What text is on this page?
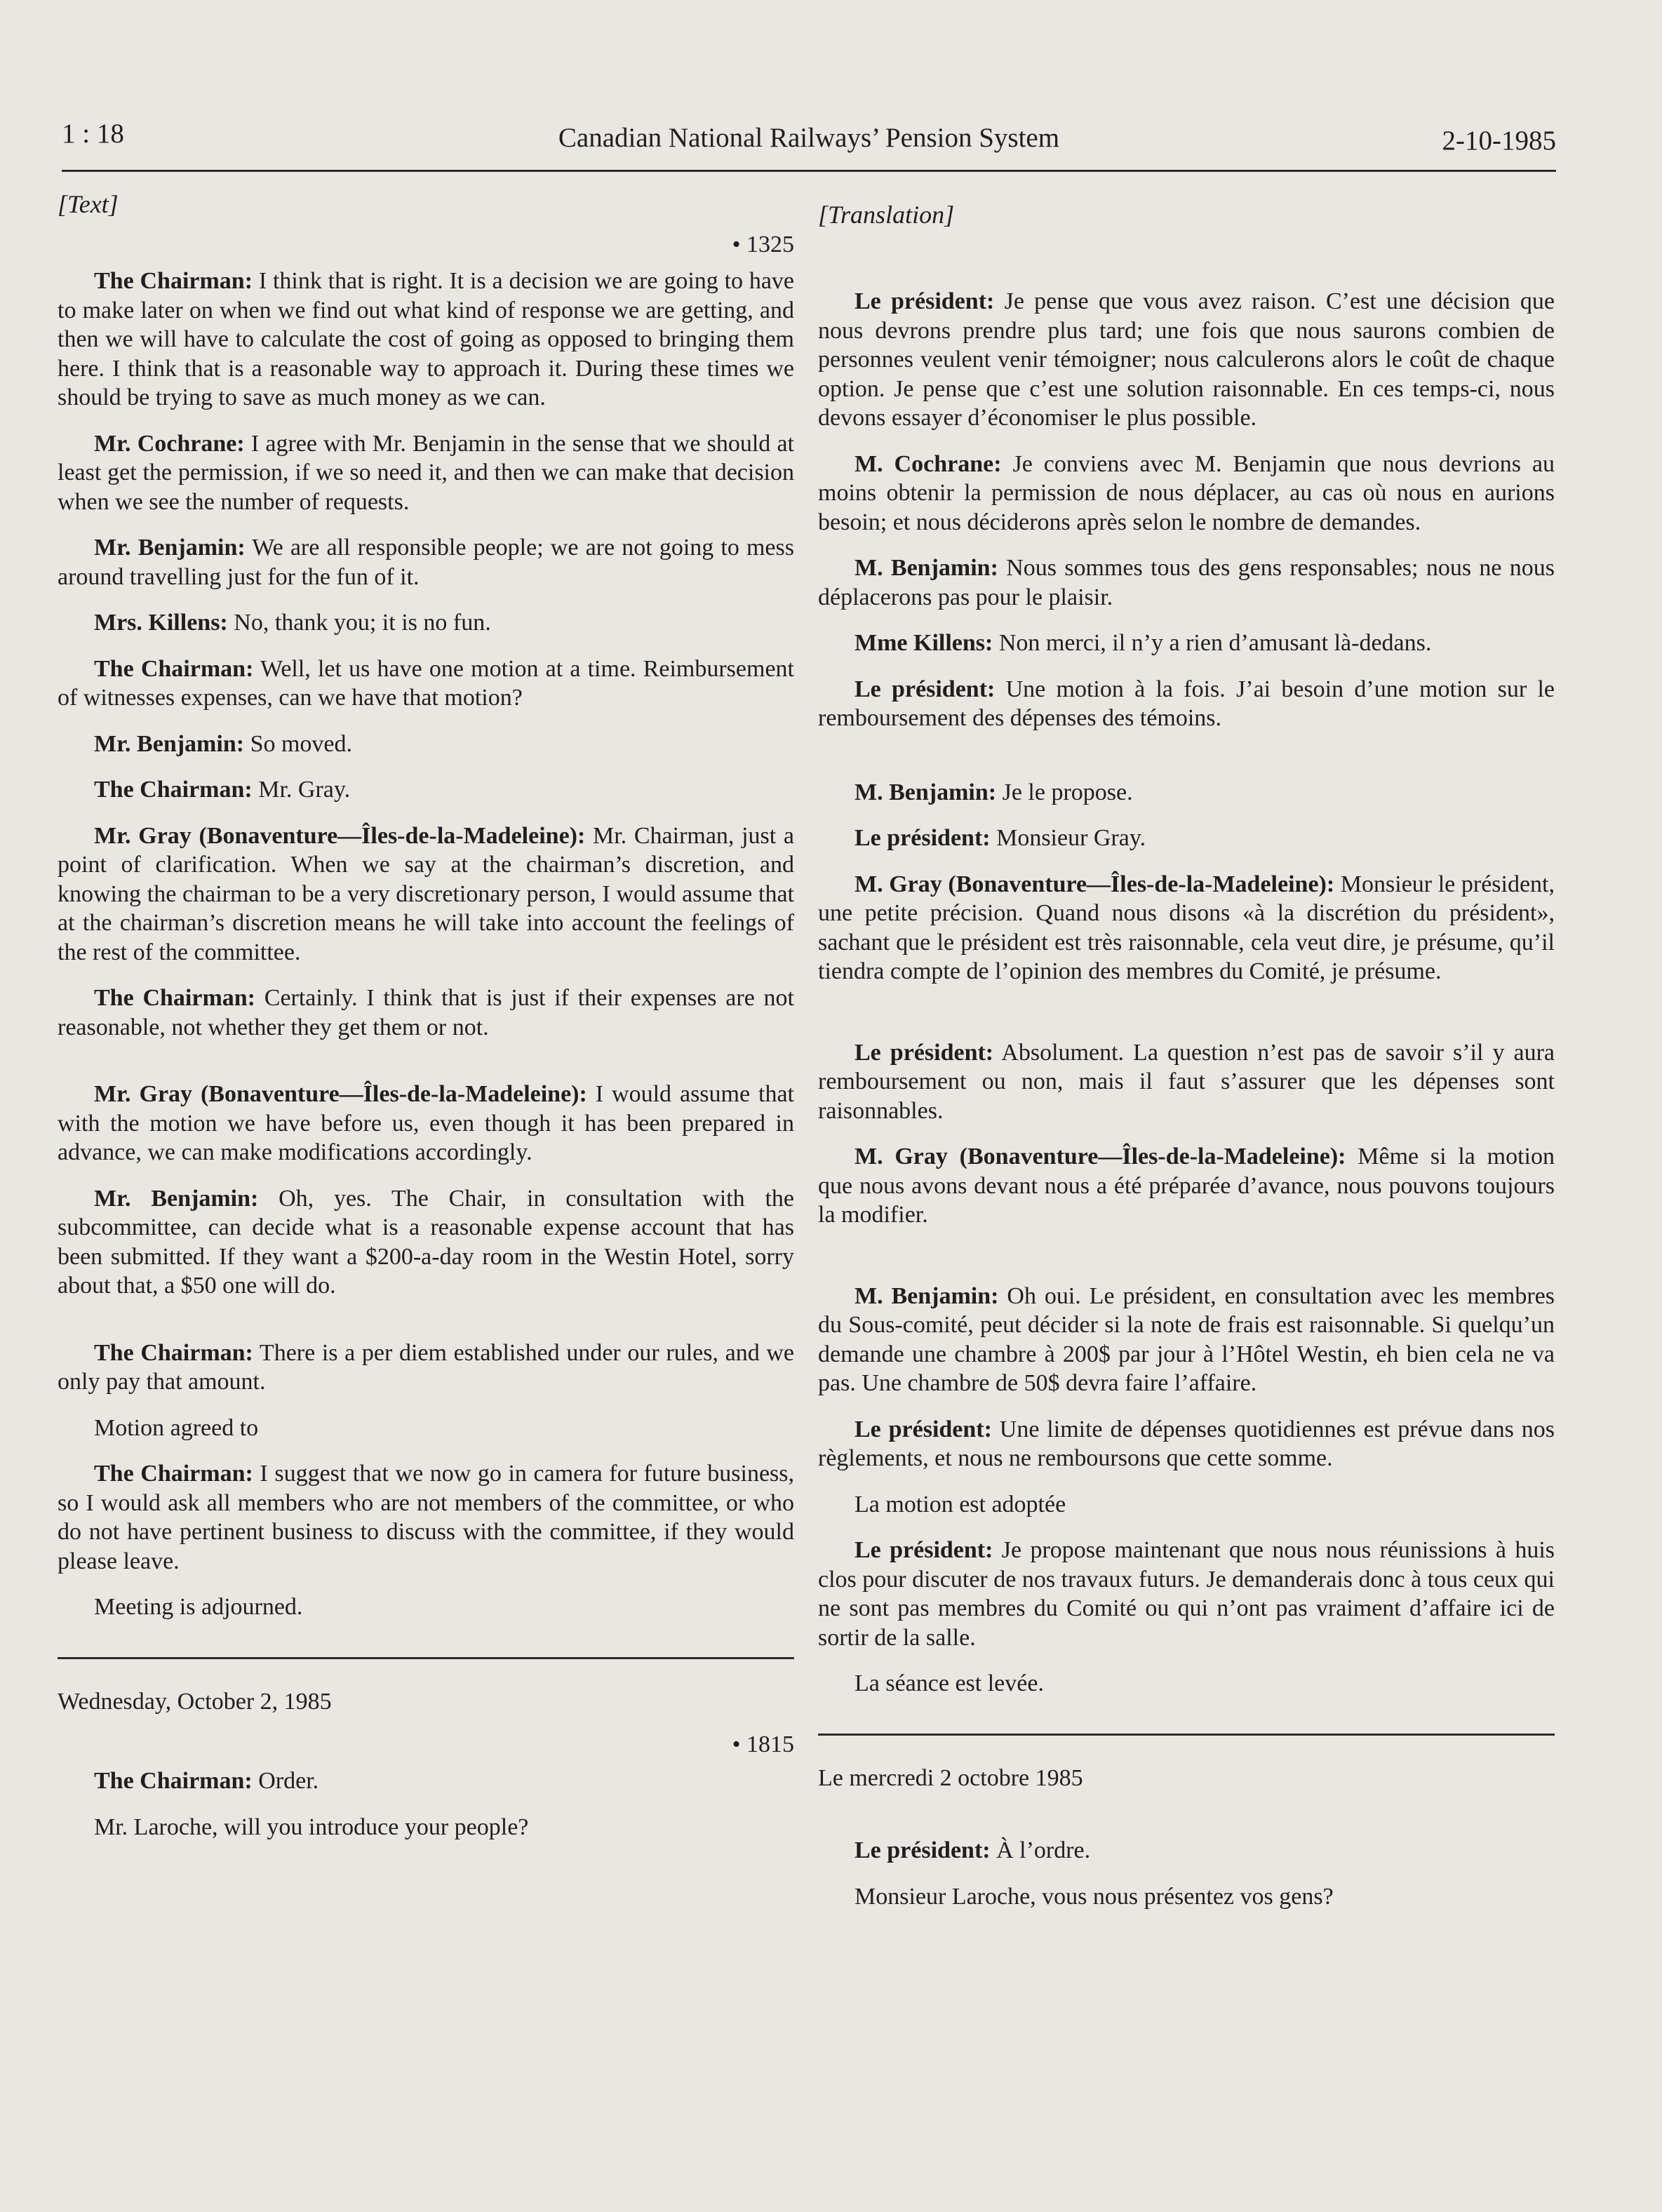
1 : 18	Canadian National Railways’ Pension System	2-10-1985
[Text]
• 1325

The Chairman: I think that is right. It is a decision we are going to have to make later on when we find out what kind of response we are getting, and then we will have to calculate the cost of going as opposed to bringing them here. I think that is a reasonable way to approach it. During these times we should be trying to save as much money as we can.

Mr. Cochrane: I agree with Mr. Benjamin in the sense that we should at least get the permission, if we so need it, and then we can make that decision when we see the number of requests.

Mr. Benjamin: We are all responsible people; we are not going to mess around travelling just for the fun of it.

Mrs. Killens: No, thank you; it is no fun.

The Chairman: Well, let us have one motion at a time. Reimbursement of witnesses expenses, can we have that motion?

Mr. Benjamin: So moved.

The Chairman: Mr. Gray.

Mr. Gray (Bonaventure—Îles-de-la-Madeleine): Mr. Chairman, just a point of clarification. When we say at the chairman’s discretion, and knowing the chairman to be a very discretionary person, I would assume that at the chairman’s discretion means he will take into account the feelings of the rest of the committee.

The Chairman: Certainly. I think that is just if their expenses are not reasonable, not whether they get them or not.

Mr. Gray (Bonaventure—Îles-de-la-Madeleine): I would assume that with the motion we have before us, even though it has been prepared in advance, we can make modifications accordingly.

Mr. Benjamin: Oh, yes. The Chair, in consultation with the subcommittee, can decide what is a reasonable expense account that has been submitted. If they want a $200-a-day room in the Westin Hotel, sorry about that, a $50 one will do.

The Chairman: There is a per diem established under our rules, and we only pay that amount.

Motion agreed to

The Chairman: I suggest that we now go in camera for future business, so I would ask all members who are not members of the committee, or who do not have pertinent business to discuss with the committee, if they would please leave.

Meeting is adjourned.

Wednesday, October 2, 1985
• 1815

The Chairman: Order.

Mr. Laroche, will you introduce your people?

[Translation]

Le président: Je pense que vous avez raison. C’est une décision que nous devrons prendre plus tard; une fois que nous saurons combien de personnes veulent venir témoigner; nous calculerons alors le coût de chaque option. Je pense que c’est une solution raisonnable. En ces temps-ci, nous devons essayer d’économiser le plus possible.

M. Cochrane: Je conviens avec M. Benjamin que nous devrions au moins obtenir la permission de nous déplacer, au cas où nous en aurions besoin; et nous déciderons après selon le nombre de demandes.

M. Benjamin: Nous sommes tous des gens responsables; nous ne nous déplacerons pas pour le plaisir.

Mme Killens: Non merci, il n’y a rien d’amusant là-dedans.

Le président: Une motion à la fois. J’ai besoin d’une motion sur le remboursement des dépenses des témoins.

M. Benjamin: Je le propose.

Le président: Monsieur Gray.

M. Gray (Bonaventure—Îles-de-la-Madeleine): Monsieur le président, une petite précision. Quand nous disons «à la discrétion du président», sachant que le président est très raisonnable, cela veut dire, je présume, qu’il tiendra compte de l’opinion des membres du Comité, je présume.

Le président: Absolument. La question n’est pas de savoir s’il y aura remboursement ou non, mais il faut s’assurer que les dépenses sont raisonnables.

M. Gray (Bonaventure—Îles-de-la-Madeleine): Même si la motion que nous avons devant nous a été préparée d’avance, nous pouvons toujours la modifier.

M. Benjamin: Oh oui. Le président, en consultation avec les membres du Sous-comité, peut décider si la note de frais est raisonnable. Si quelqu’un demande une chambre à 200$ par jour à l’Hôtel Westin, eh bien cela ne va pas. Une chambre de 50$ devra faire l’affaire.

Le président: Une limite de dépenses quotidiennes est prévue dans nos règlements, et nous ne remboursons que cette somme.

La motion est adoptée

Le président: Je propose maintenant que nous nous réunissions à huis clos pour discuter de nos travaux futurs. Je demanderais donc à tous ceux qui ne sont pas membres du Comité ou qui n’ont pas vraiment d’affaire ici de sortir de la salle.

La séance est levée.

Le mercredi 2 octobre 1985

Le président: À l’ordre.

Monsieur Laroche, vous nous présentez vos gens?
